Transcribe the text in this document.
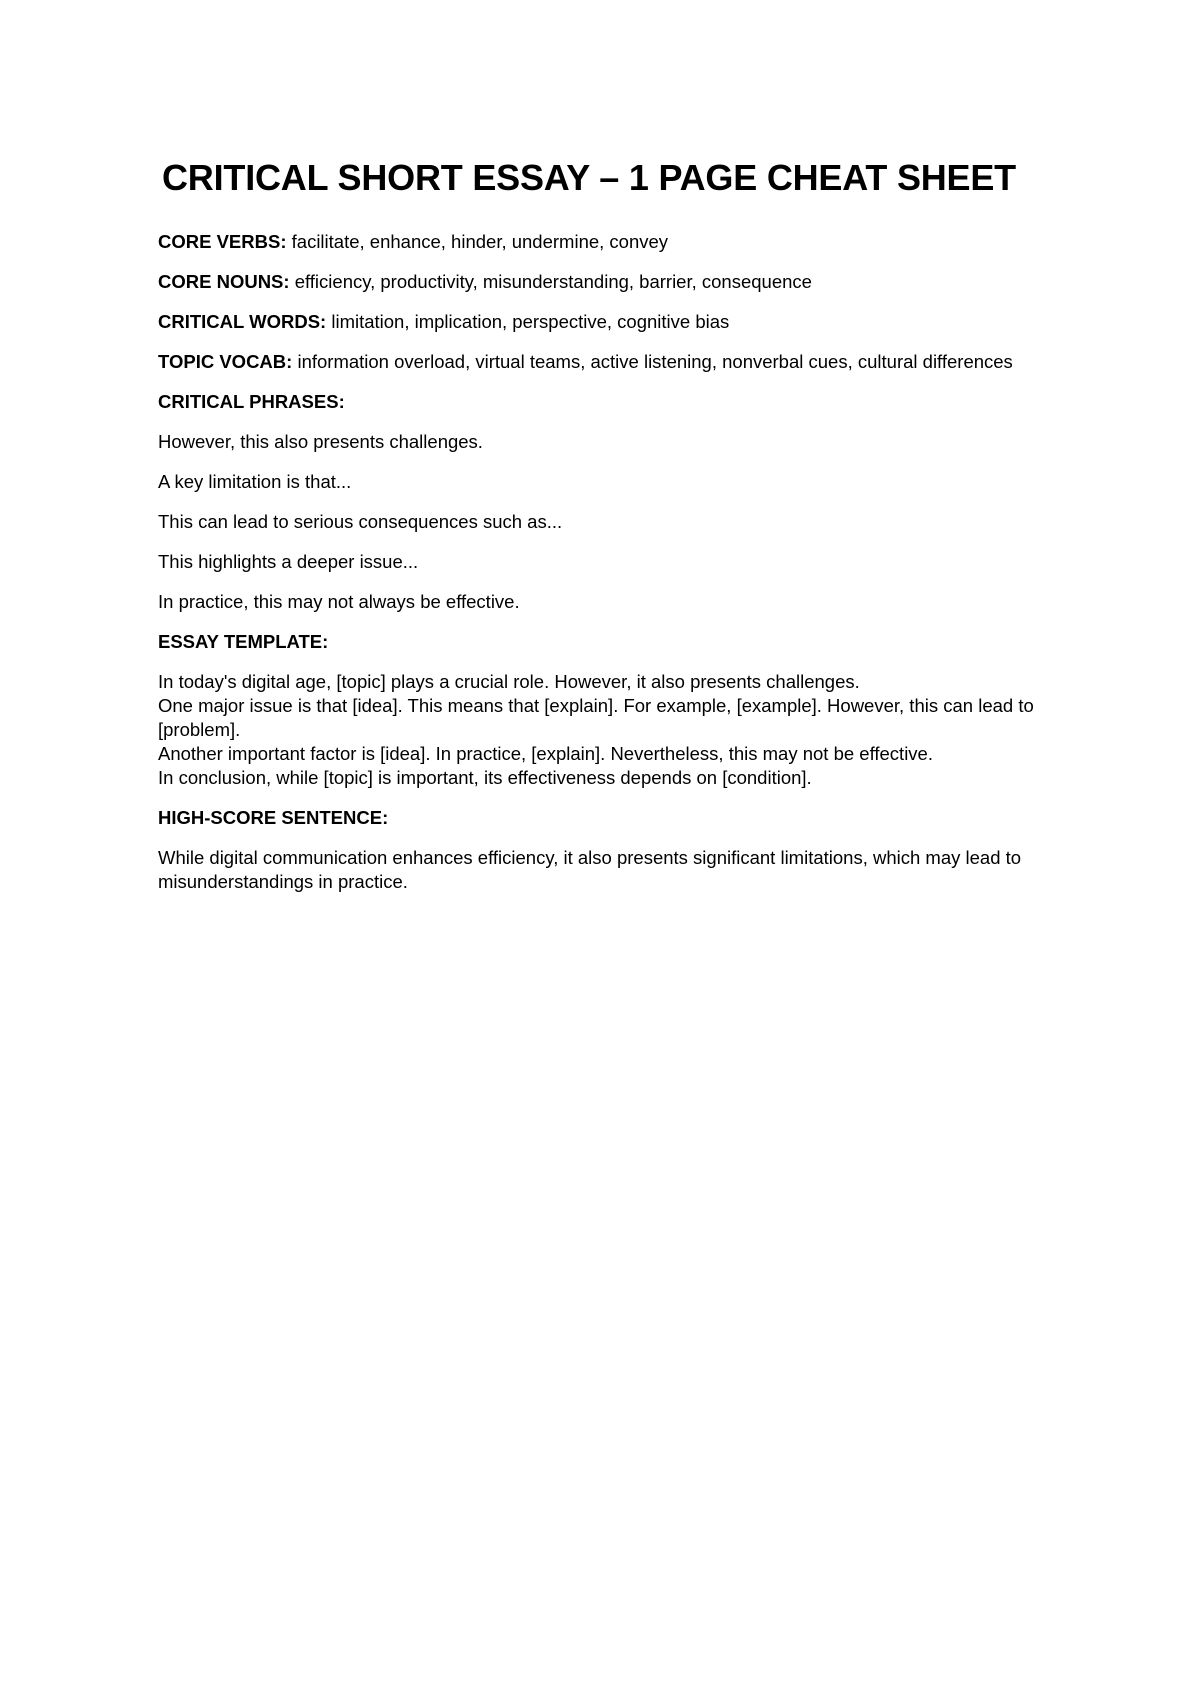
CRITICAL SHORT ESSAY – 1 PAGE CHEAT SHEET

CORE VERBS: facilitate, enhance, hinder, undermine, convey

CORE NOUNS: efficiency, productivity, misunderstanding, barrier, consequence

CRITICAL WORDS: limitation, implication, perspective, cognitive bias

TOPIC VOCAB: information overload, virtual teams, active listening, nonverbal cues, cultural differences

CRITICAL PHRASES:

However, this also presents challenges.

A key limitation is that...

This can lead to serious consequences such as...

This highlights a deeper issue...

In practice, this may not always be effective.

ESSAY TEMPLATE:

In today's digital age, [topic] plays a crucial role. However, it also presents challenges.

One major issue is that [idea]. This means that [explain]. For example, [example]. However, this can lead to [problem].

Another important factor is [idea]. In practice, [explain]. Nevertheless, this may not be effective.

In conclusion, while [topic] is important, its effectiveness depends on [condition].

HIGH-SCORE SENTENCE:

While digital communication enhances efficiency, it also presents significant limitations, which may lead to misunderstandings in practice.
